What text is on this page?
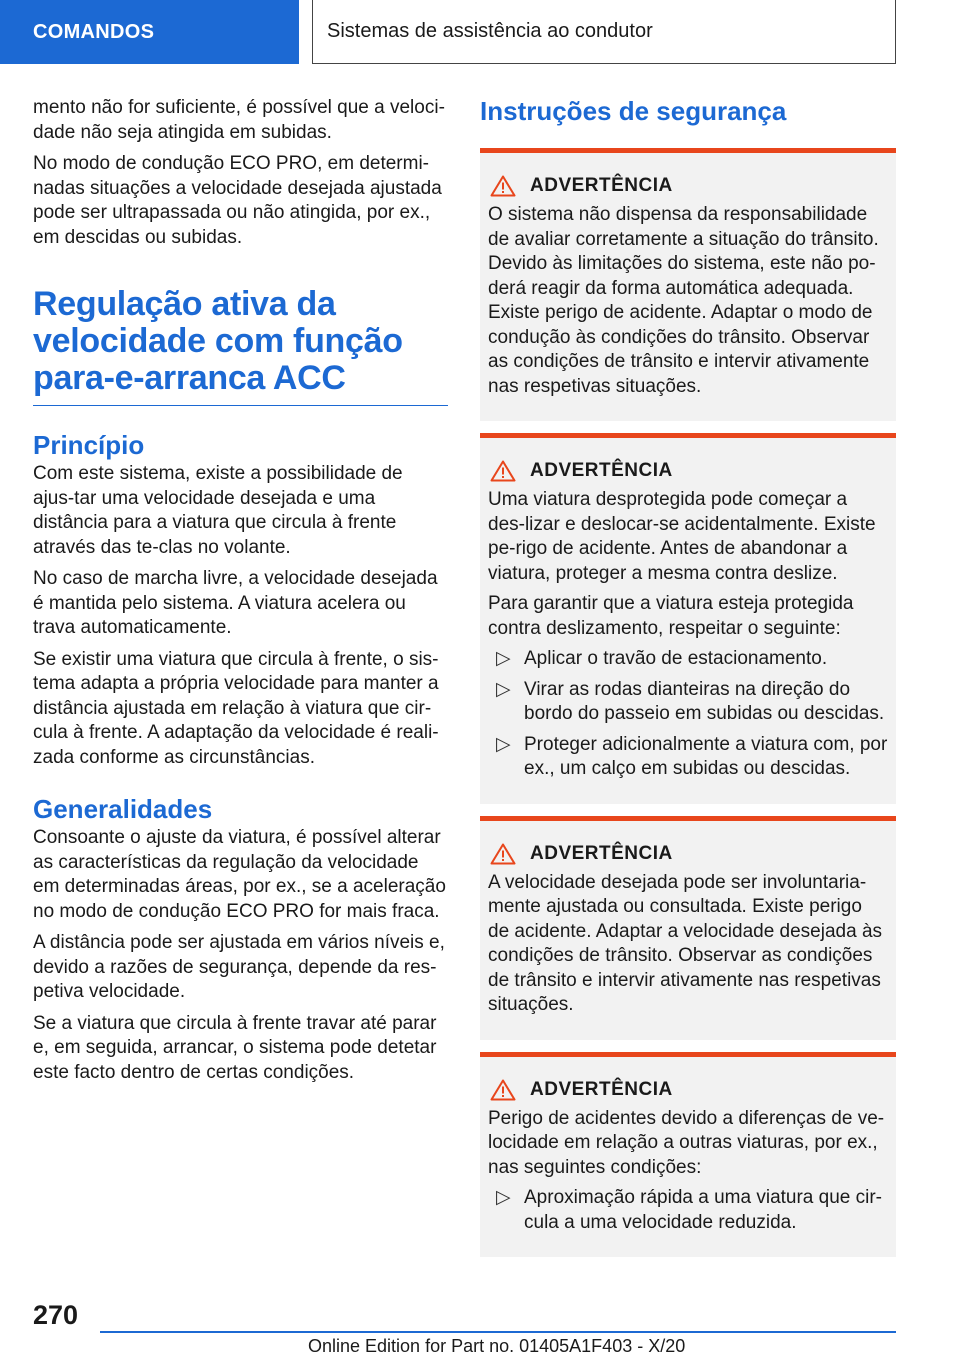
COMANDOS	Sistemas de assistência ao condutor

mento não for suficiente, é possível que a veloci-dade não seja atingida em subidas.

No modo de condução ECO PRO, em determi-nadas situações a velocidade desejada ajustada pode ser ultrapassada ou não atingida, por ex., em descidas ou subidas.

Regulação ativa da velocidade com função para-e-arranca ACC
Princípio

Com este sistema, existe a possibilidade de ajus-tar uma velocidade desejada e uma distância para a viatura que circula à frente através das te-clas no volante.

No caso de marcha livre, a velocidade desejada é mantida pelo sistema. A viatura acelera ou trava automaticamente.

Se existir uma viatura que circula à frente, o sis-tema adapta a própria velocidade para manter a distância ajustada em relação à viatura que cir-cula à frente. A adaptação da velocidade é reali-zada conforme as circunstâncias.

Generalidades

Consoante o ajuste da viatura, é possível alterar as características da regulação da velocidade em determinadas áreas, por ex., se a aceleração no modo de condução ECO PRO for mais fraca.

A distância pode ser ajustada em vários níveis e, devido a razões de segurança, depende da res-petiva velocidade.

Se a viatura que circula à frente travar até parar e, em seguida, arrancar, o sistema pode detetar este facto dentro de certas condições.

Instruções de segurança
ADVERTÊNCIA

O sistema não dispensa da responsabilidade de avaliar corretamente a situação do trânsito. Devido às limitações do sistema, este não po-derá reagir da forma automática adequada. Existe perigo de acidente. Adaptar o modo de condução às condições do trânsito. Observar as condições de trânsito e intervir ativamente nas respetivas situações.

ADVERTÊNCIA

Uma viatura desprotegida pode começar a des-lizar e deslocar-se acidentalmente. Existe pe-rigo de acidente. Antes de abandonar a viatura, proteger a mesma contra deslize.

Para garantir que a viatura esteja protegida contra deslizamento, respeitar o seguinte:

▷ Aplicar o travão de estacionamento.
▷ Virar as rodas dianteiras na direção do bordo do passeio em subidas ou descidas.
▷ Proteger adicionalmente a viatura com, por ex., um calço em subidas ou descidas.
ADVERTÊNCIA

A velocidade desejada pode ser involuntaria-mente ajustada ou consultada. Existe perigo de acidente. Adaptar a velocidade desejada às condições de trânsito. Observar as condições de trânsito e intervir ativamente nas respetivas situações.

ADVERTÊNCIA

Perigo de acidentes devido a diferenças de ve-locidade em relação a outras viaturas, por ex., nas seguintes condições:

▷ Aproximação rápida a uma viatura que cir-cula a uma velocidade reduzida.
270
Online Edition for Part no. 01405A1F403 - X/20
